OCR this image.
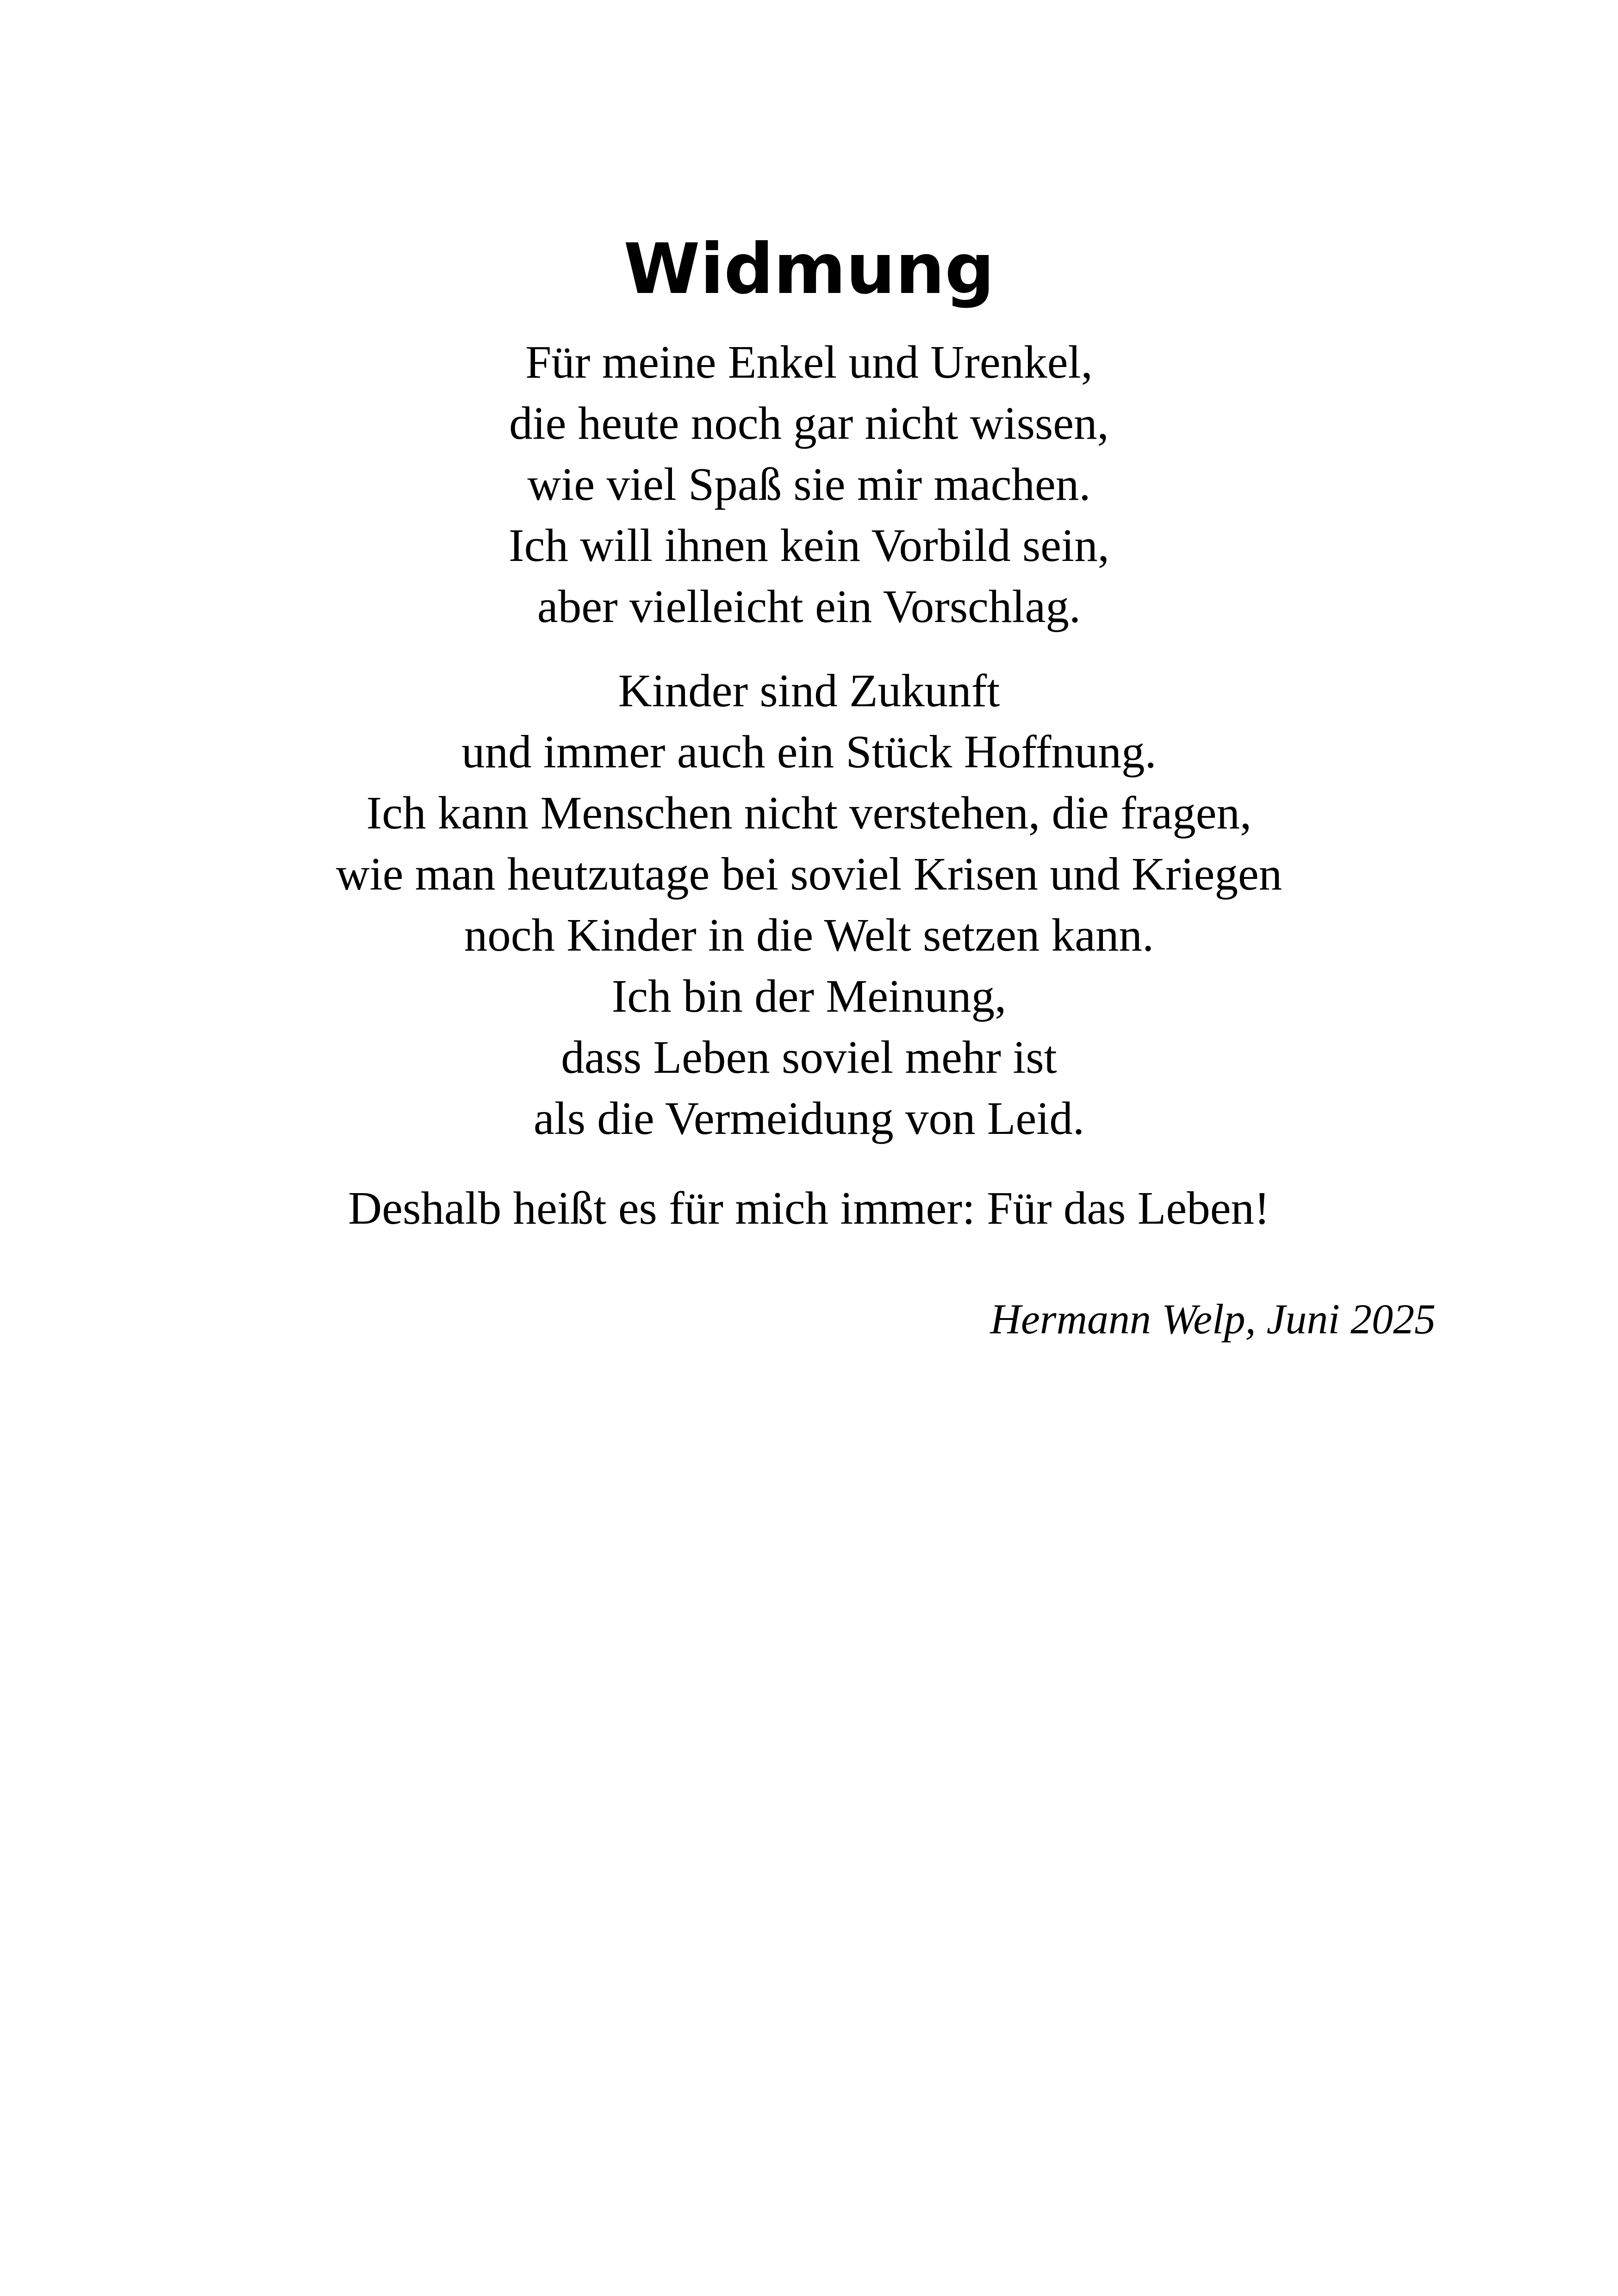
Widmung

Für meine Enkel und Urenkel,
die heute noch gar nicht wissen,
wie viel Spaß sie mir machen.
Ich will ihnen kein Vorbild sein,
aber vielleicht ein Vorschlag.

Kinder sind Zukunft
und immer auch ein Stück Hoffnung.
Ich kann Menschen nicht verstehen, die fragen,
wie man heutzutage bei soviel Krisen und Kriegen
noch Kinder in die Welt setzen kann.
Ich bin der Meinung,
dass Leben soviel mehr ist
als die Vermeidung von Leid.

Deshalb heißt es für mich immer: Für das Leben!

Hermann Welp, Juni 2025
